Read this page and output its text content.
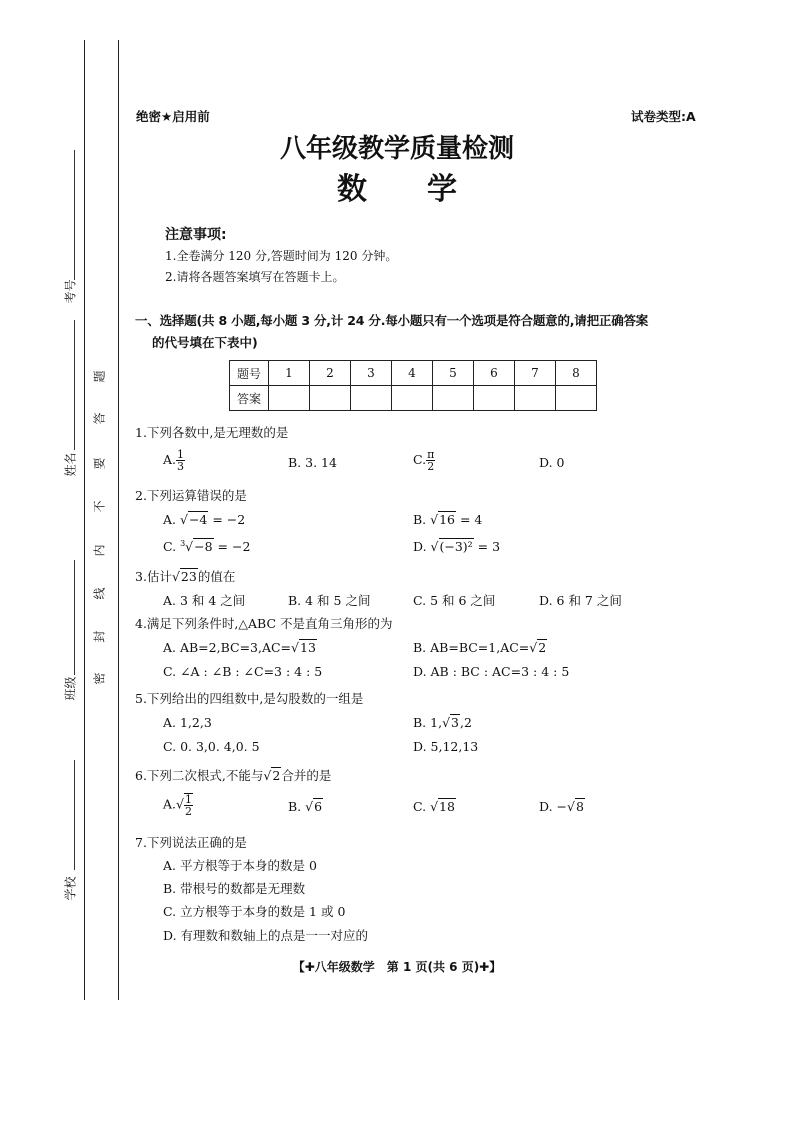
考号
姓名
班级
学校
密
封
线
内
不
要
答
题
绝密★启用前	试卷类型:A
八年级教学质量检测
数　　学
注意事项:
1.全卷满分 120 分,答题时间为 120 分钟。
2.请将各题答案填写在答题卡上。
一、选择题(共 8 小题,每小题 3 分,计 24 分.每小题只有一个选项是符合题意的,请把正确答案
的代号填在下表中)
题号	1	2	3	4	5	6	7	8
答案								
1.下列各数中,是无理数的是
A. $\frac{1}{3}$	B. 3. 14	C. $\frac{\pi}{2}$	D. 0
2.下列运算错误的是
A. √−4 = −2	B. √16 = 4
C. $^3$√−8 = −2	D. √(−3)² = 3
3.估计√23的值在
A. 3 和 4 之间	B. 4 和 5 之间	C. 5 和 6 之间	D. 6 和 7 之间
4.满足下列条件时,△ABC 不是直角三角形的为
A. AB=2,BC=3,AC=√13	B. AB=BC=1,AC=√2
C. ∠A : ∠B : ∠C=3 : 4 : 5	D. AB : BC : AC=3 : 4 : 5
5.下列给出的四组数中,是勾股数的一组是
A. 1,2,3	B. 1,√3,2
C. 0. 3,0. 4,0. 5	D. 5,12,13
6.下列二次根式,不能与√2合并的是
$A.√ \frac{1}{2}$	B. √6	C. √18	D. −√8
7.下列说法正确的是
A. 平方根等于本身的数是 0
B. 带根号的数都是无理数
C. 立方根等于本身的数是 1 或 0
D. 有理数和数轴上的点是一一对应的
【✚八年级数学　第 1 页(共 6 页)✚】
